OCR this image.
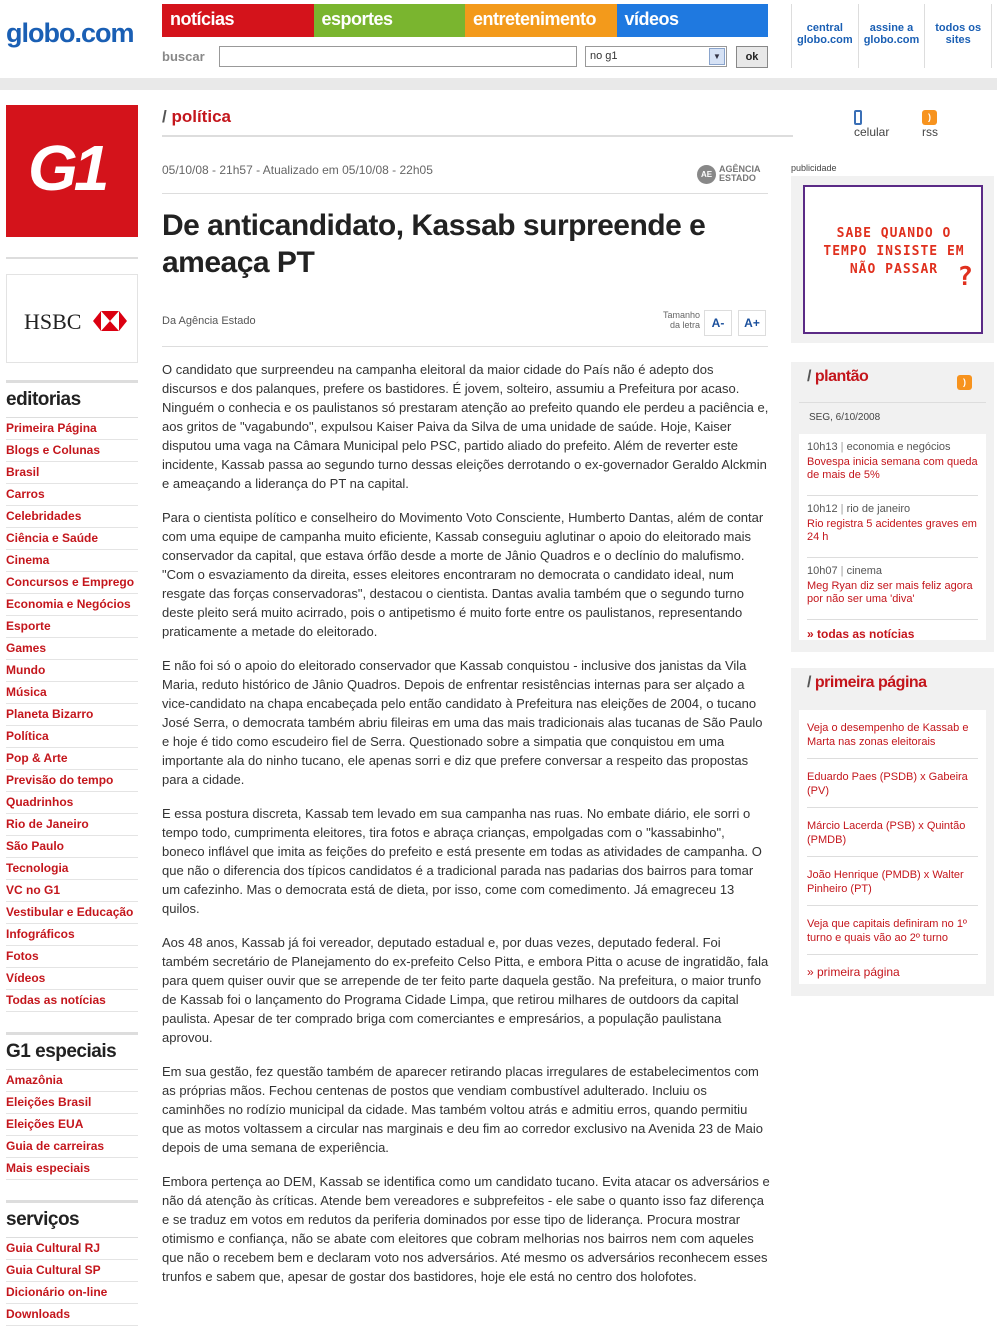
globo.com	notícias	esportes	entretenimento	vídeos
buscar	no g1	▼	ok
central globo.com
assine a globo.com
todos os sites
G1
HSBC
editorias
Primeira Página
Blogs e Colunas
Brasil
Carros
Celebridades
Ciência e Saúde
Cinema
Concursos e Emprego
Economia e Negócios
Esporte
Games
Mundo
Música
Planeta Bizarro
Política
Pop & Arte
Previsão do tempo
Quadrinhos
Rio de Janeiro
São Paulo
Tecnologia
VC no G1
Vestibular e Educação
Infográficos
Fotos
Vídeos
Todas as notícias
G1 especiais
Amazônia
Eleições Brasil
Eleições EUA
Guia de carreiras
Mais especiais
serviços
Guia Cultural RJ
Guia Cultural SP
Dicionário on-line
Downloads
/ política
celular
)rss
05/10/08 - 21h57 - Atualizado em 05/10/08 - 22h05	AE
AGÊNCIA ESTADO
De anticandidato, Kassab surpreende e ameaça PT
Da Agência Estado	Tamanho da letra A-	A+

O candidato que surpreendeu na campanha eleitoral da maior cidade do País não é adepto dos discursos e dos palanques, prefere os bastidores. É jovem, solteiro, assumiu a Prefeitura por acaso. Ninguém o conhecia e os paulistanos só prestaram atenção ao prefeito quando ele perdeu a paciência e, aos gritos de "vagabundo", expulsou Kaiser Paiva da Silva de uma unidade de saúde. Hoje, Kaiser disputou uma vaga na Câmara Municipal pelo PSC, partido aliado do prefeito. Além de reverter este incidente, Kassab passa ao segundo turno dessas eleições derrotando o ex-governador Geraldo Alckmin e ameaçando a liderança do PT na capital.

Para o cientista político e conselheiro do Movimento Voto Consciente, Humberto Dantas, além de contar com uma equipe de campanha muito eficiente, Kassab conseguiu aglutinar o apoio do eleitorado mais conservador da capital, que estava órfão desde a morte de Jânio Quadros e o declínio do malufismo. "Com o esvaziamento da direita, esses eleitores encontraram no democrata o candidato ideal, num resgate das forças conservadoras", destacou o cientista. Dantas avalia também que o segundo turno deste pleito será muito acirrado, pois o antipetismo é muito forte entre os paulistanos, representando praticamente a metade do eleitorado.

E não foi só o apoio do eleitorado conservador que Kassab conquistou - inclusive dos janistas da Vila Maria, reduto histórico de Jânio Quadros. Depois de enfrentar resistências internas para ser alçado a vice-candidato na chapa encabeçada pelo então candidato à Prefeitura nas eleições de 2004, o tucano José Serra, o democrata também abriu fileiras em uma das mais tradicionais alas tucanas de São Paulo e hoje é tido como escudeiro fiel de Serra. Questionado sobre a simpatia que conquistou em uma importante ala do ninho tucano, ele apenas sorri e diz que prefere conversar a respeito das propostas para a cidade.

E essa postura discreta, Kassab tem levado em sua campanha nas ruas. No embate diário, ele sorri o tempo todo, cumprimenta eleitores, tira fotos e abraça crianças, empolgadas com o "kassabinho", boneco inflável que imita as feições do prefeito e está presente em todas as atividades de campanha. O que não o diferencia dos típicos candidatos é a tradicional parada nas padarias dos bairros para tomar um cafezinho. Mas o democrata está de dieta, por isso, come com comedimento. Já emagreceu 13 quilos.

Aos 48 anos, Kassab já foi vereador, deputado estadual e, por duas vezes, deputado federal. Foi também secretário de Planejamento do ex-prefeito Celso Pitta, e embora Pitta o acuse de ingratidão, fala para quem quiser ouvir que se arrepende de ter feito parte daquela gestão. Na prefeitura, o maior trunfo de Kassab foi o lançamento do Programa Cidade Limpa, que retirou milhares de outdoors da capital paulista. Apesar de ter comprado briga com comerciantes e empresários, a população paulistana aprovou.

Em sua gestão, fez questão também de aparecer retirando placas irregulares de estabelecimentos com as próprias mãos. Fechou centenas de postos que vendiam combustível adulterado. Incluiu os caminhões no rodízio municipal da cidade. Mas também voltou atrás e admitiu erros, quando permitiu que as motos voltassem a circular nas marginais e deu fim ao corredor exclusivo na Avenida 23 de Maio depois de uma semana de experiência.

Embora pertença ao DEM, Kassab se identifica como um candidato tucano. Evita atacar os adversários e não dá atenção às críticas. Atende bem vereadores e subprefeitos - ele sabe o quanto isso faz diferença e se traduz em votos em redutos da periferia dominados por esse tipo de liderança. Procura mostrar otimismo e confiança, não se abate com eleitores que cobram melhorias nos bairros nem com aqueles que não o recebem bem e declaram voto nos adversários. Até mesmo os adversários reconhecem esses trunfos e sabem que, apesar de gostar dos bastidores, hoje ele está no centro dos holofotes.

publicidade
SABE QUANDO O TEMPO INSISTE EM NÃO PASSAR ?
/ plantão	)
SEG, 6/10/2008
10h13 | economia e negócios
Bovespa inicia semana com queda de mais de 5%
10h12 | rio de janeiro
Rio registra 5 acidentes graves em 24 h
10h07 | cinema
Meg Ryan diz ser mais feliz agora por não ser uma 'diva'
» todas as notícias
/ primeira página
Veja o desempenho de Kassab e Marta nas zonas eleitorais
Eduardo Paes (PSDB) x Gabeira (PV)
Márcio Lacerda (PSB) x Quintão (PMDB)
João Henrique (PMDB) x Walter Pinheiro (PT)
Veja que capitais definiram no 1º turno e quais vão ao 2º turno
» primeira página
